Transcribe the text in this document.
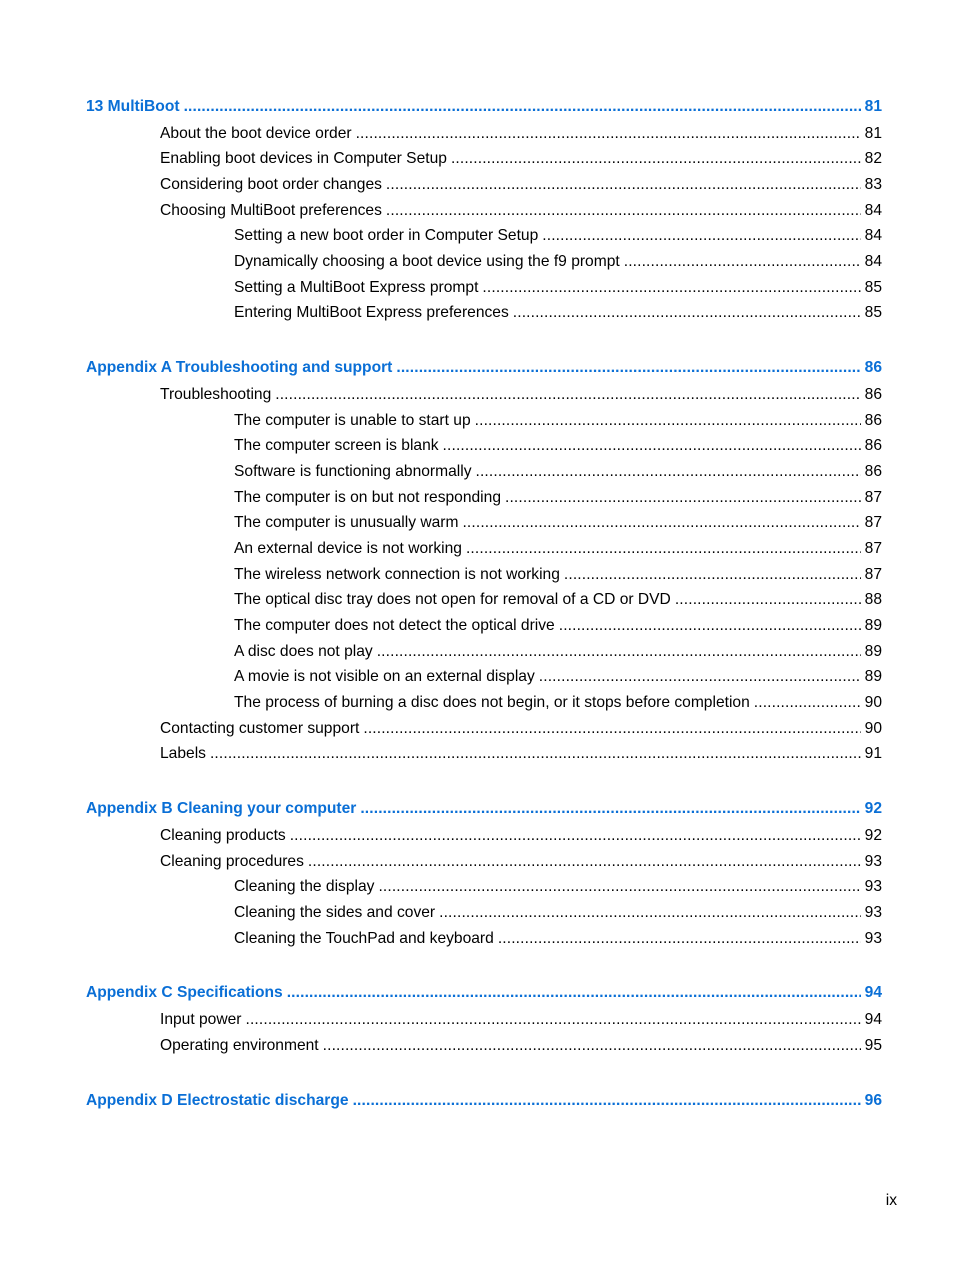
13 MultiBoot . . .	81
About the boot device order . . .	81
Enabling boot devices in Computer Setup . . .	82
Considering boot order changes . . .	83
Choosing MultiBoot preferences . . .	84
Setting a new boot order in Computer Setup . . .	84
Dynamically choosing a boot device using the f9 prompt . . .	84
Setting a MultiBoot Express prompt . . .	85
Entering MultiBoot Express preferences . . .	85
Appendix A Troubleshooting and support . . .	86
Troubleshooting . . .	86
The computer is unable to start up . . .	86
The computer screen is blank . . .	86
Software is functioning abnormally . . .	86
The computer is on but not responding . . .	87
The computer is unusually warm . . .	87
An external device is not working . . .	87
The wireless network connection is not working . . .	87
The optical disc tray does not open for removal of a CD or DVD . . .	88
The computer does not detect the optical drive . . .	89
A disc does not play . . .	89
A movie is not visible on an external display . . .	89
The process of burning a disc does not begin, or it stops before completion . . .	90
Contacting customer support . . .	90
Labels . . .	91
Appendix B Cleaning your computer . . .	92
Cleaning products . . .	92
Cleaning procedures . . .	93
Cleaning the display . . .	93
Cleaning the sides and cover . . .	93
Cleaning the TouchPad and keyboard . . .	93
Appendix C Specifications . . .	94
Input power . . .	94
Operating environment . . .	95
Appendix D Electrostatic discharge . . .	96
ix
